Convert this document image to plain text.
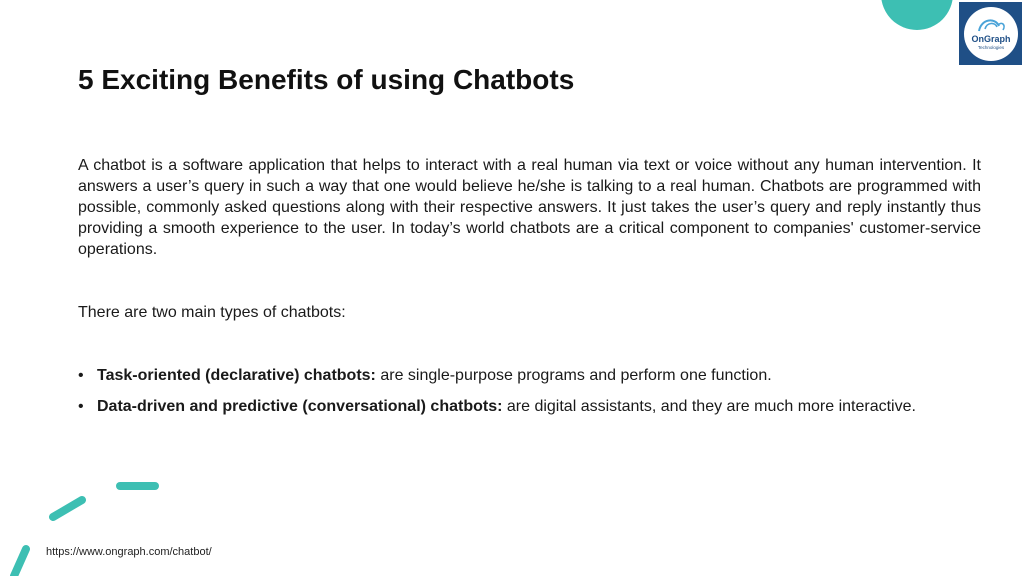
OnGraph
Technologies
5 Exciting Benefits of using Chatbots

A chatbot is a software application that helps to interact with a real human via text or voice without any human intervention. It answers a user’s query in such a way that one would believe he/she is talking to a real human. Chatbots are programmed with possible, commonly asked questions along with their respective answers. It just takes the user’s query and reply instantly thus providing a smooth experience to the user. In today’s world chatbots are a critical component to companies' customer-service operations.

There are two main types of chatbots:

• Task-oriented (declarative) chatbots: are single-purpose programs and perform one function.
• Data-driven and predictive (conversational) chatbots: are digital assistants, and they are much more interactive.

https://www.ongraph.com/chatbot/
